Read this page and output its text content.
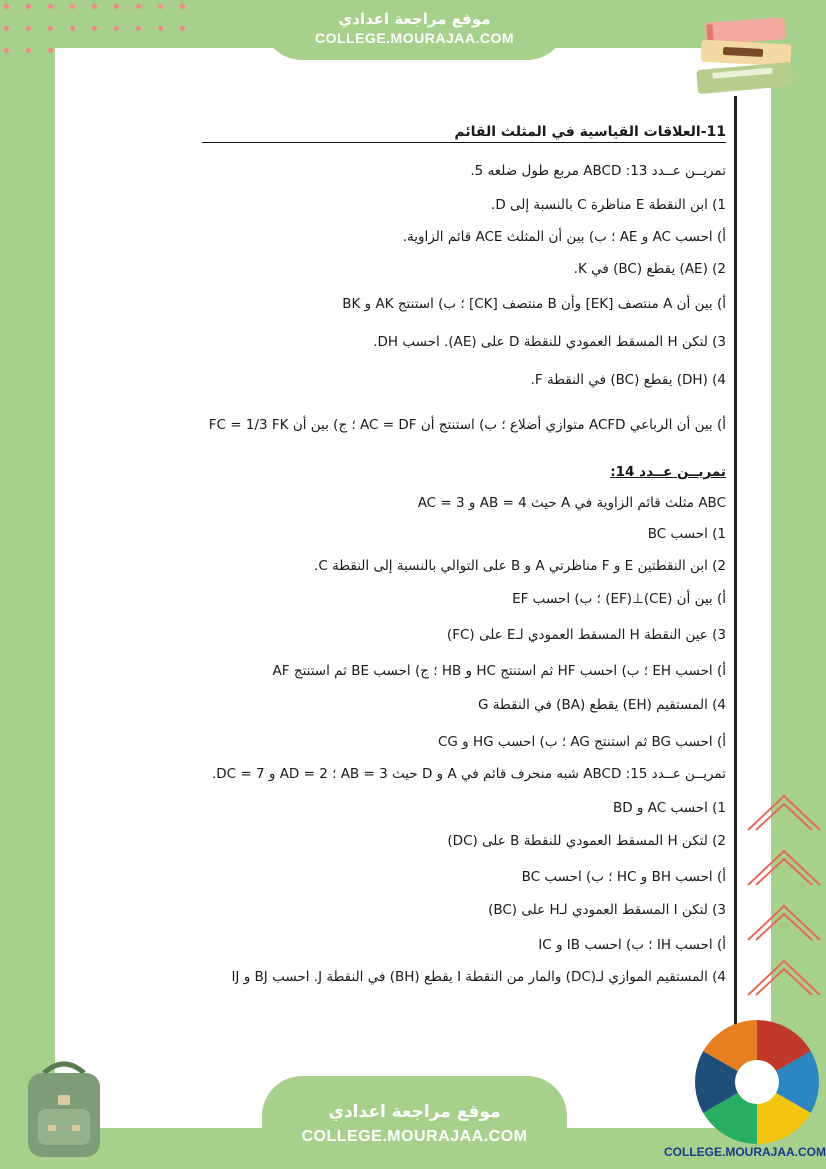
موقع مراجعة اعدادي
COLLEGE.MOURAJAA.COM
11-العلاقات القياسية في المثلث القائم
تمريــن عــدد 13: ABCD مربع طول ضلعه 5.
1) ابن النقطة E مناظرة C بالنسبة إلى D.
أ) احسب AC و AE ؛ ب) بين أن المثلث ACE قائم الزاوية.
2) (AE) يقطع (BC) في K.
أ) بين أن A منتصف [EK] وأن B منتصف [CK] ؛ ب) استنتج AK و BK
3) لتكن H المسقط العمودي للنقطة D على (AE). احسب DH.
4) (DH) يقطع (BC) في النقطة F.
أ) بين أن الرباعي ACFD متوازي أضلاع ؛ ب) استنتج أن AC = DF ؛ ج) بين أن FC = 1/3 FK
تمريــن عــدد 14:
ABC مثلث قائم الزاوية في A حيث AB = 4 و AC = 3
1) احسب BC
2) ابن النقطتين E و F مناظرتي A و B على التوالي بالنسبة إلى النقطة C.
أ) بين أن (CE)⊥(EF) ؛ ب) احسب EF
3) عين النقطة H المسقط العمودي لـE على (FC)
أ) احسب EH ؛ ب) احسب HF ثم استنتج HC و HB ؛ ج) احسب BE ثم استنتج AF
4) المستقيم (EH) يقطع (BA) في النقطة G
أ) احسب BG ثم استنتج AG ؛ ب) احسب HG و CG
تمريــن عــدد 15: ABCD شبه منحرف قائم في A و D حيث AB = 3 ؛ AD = 2 و DC = 7.
1) احسب AC و BD
2) لتكن H المسقط العمودي للنقطة B على (DC)
أ) احسب BH و HC ؛ ب) احسب BC
3) لتكن I المسقط العمودي لـH على (BC)
أ) احسب IH ؛ ب) احسب IB و IC
4) المستقيم الموازي لـ(DC) والمار من النقطة I يقطع (BH) في النقطة J. احسب BJ و IJ
موقع مراجعة اعدادي
COLLEGE.MOURAJAA.COM
COLLEGE.MOURAJAA.COM
